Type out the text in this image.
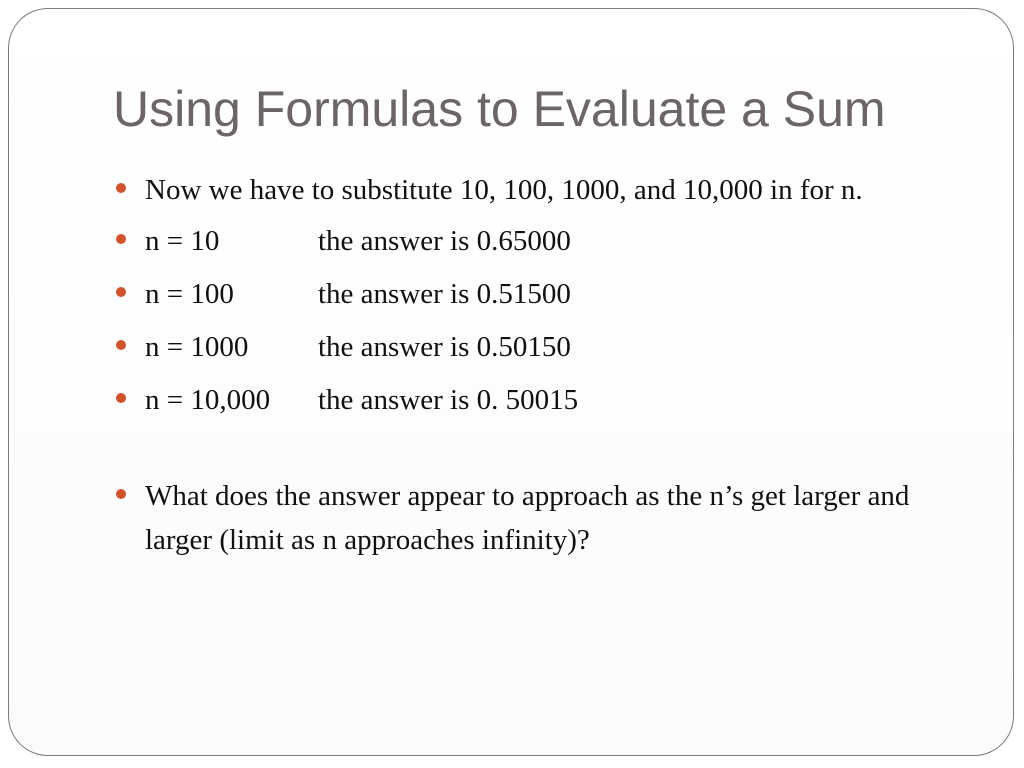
Using Formulas to Evaluate a Sum
Now we have to substitute 10, 100, 1000, and 10,000 in for n.
n = 10	the answer is 0.65000
n = 100	the answer is 0.51500
n = 1000	the answer is 0.50150
n = 10,000	the answer is 0. 50015
What does the answer appear to approach as the n’s get larger and larger (limit as n approaches infinity)?
